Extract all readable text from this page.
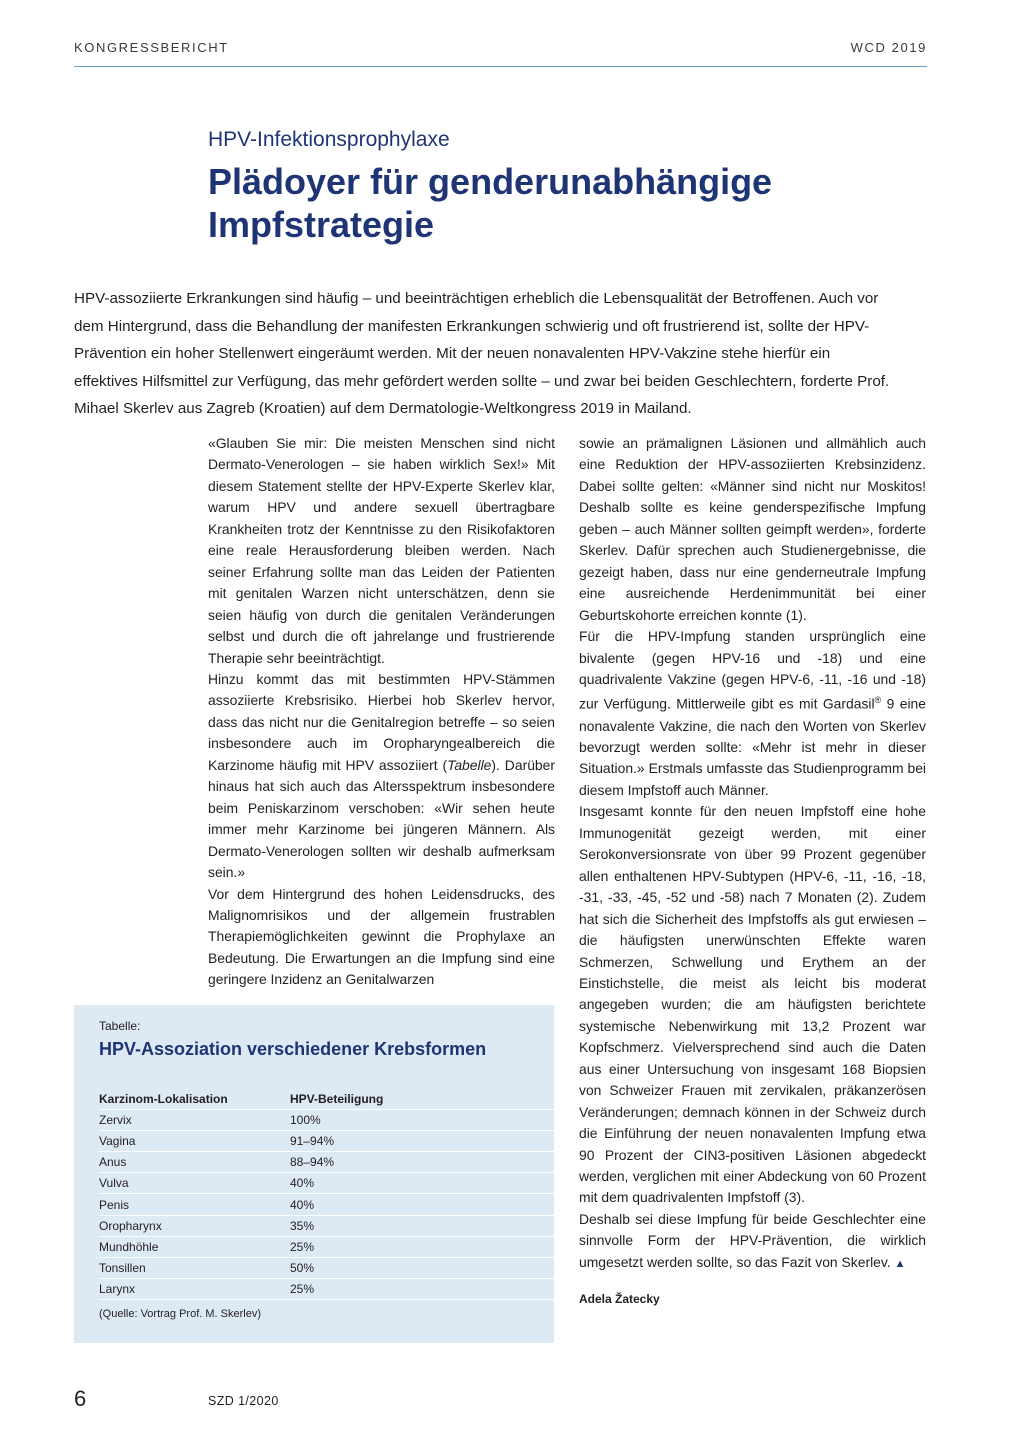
KONGRESSBERICHT	WCD 2019
HPV-Infektionsprophylaxe
Plädoyer für genderunabhängige Impfstrategie

HPV-assoziierte Erkrankungen sind häufig – und beeinträchtigen erheblich die Lebensqualität der Betroffenen. Auch vor dem Hintergrund, dass die Behandlung der manifesten Erkrankungen schwierig und oft frustrierend ist, sollte der HPV-Prävention ein hoher Stellenwert eingeräumt werden. Mit der neuen nonavalenten HPV-Vakzine stehe hierfür ein effektives Hilfsmittel zur Verfügung, das mehr gefördert werden sollte – und zwar bei beiden Geschlechtern, forderte Prof. Mihael Skerlev aus Zagreb (Kroatien) auf dem Dermatologie-Weltkongress 2019 in Mailand.

«Glauben Sie mir: Die meisten Menschen sind nicht Dermato-Venerologen – sie haben wirklich Sex!» Mit diesem Statement stellte der HPV-Experte Skerlev klar, warum HPV und andere sexuell übertragbare Krankheiten trotz der Kenntnisse zu den Risikofaktoren eine reale Herausforderung bleiben werden. Nach seiner Erfahrung sollte man das Leiden der Patienten mit genitalen Warzen nicht unterschätzen, denn sie seien häufig von durch die genitalen Veränderungen selbst und durch die oft jahrelange und frustrierende Therapie sehr beeinträchtigt.

Hinzu kommt das mit bestimmten HPV-Stämmen assoziierte Krebsrisiko. Hierbei hob Skerlev hervor, dass das nicht nur die Genitalregion betreffe – so seien insbesondere auch im Oropharyngealbereich die Karzinome häufig mit HPV assoziiert (Tabelle). Darüber hinaus hat sich auch das Altersspektrum insbesondere beim Peniskarzinom verschoben: «Wir sehen heute immer mehr Karzinome bei jüngeren Männern. Als Dermato-Venerologen sollten wir deshalb aufmerksam sein.»

Vor dem Hintergrund des hohen Leidensdrucks, des Malignomrisikos und der allgemein frustrablen Therapiemöglichkeiten gewinnt die Prophylaxe an Bedeutung. Die Erwartungen an die Impfung sind eine geringere Inzidenz an Genitalwarzen

sowie an prämalignen Läsionen und allmählich auch eine Reduktion der HPV-assoziierten Krebsinzidenz. Dabei sollte gelten: «Männer sind nicht nur Moskitos! Deshalb sollte es keine genderspezifische Impfung geben – auch Männer sollten geimpft werden», forderte Skerlev. Dafür sprechen auch Studienergebnisse, die gezeigt haben, dass nur eine genderneutrale Impfung eine ausreichende Herdenimmunität bei einer Geburtskohorte erreichen konnte (1).

Für die HPV-Impfung standen ursprünglich eine bivalente (gegen HPV-16 und -18) und eine quadrivalente Vakzine (gegen HPV-6, -11, -16 und -18) zur Verfügung. Mittlerweile gibt es mit Gardasil® 9 eine nonavalente Vakzine, die nach den Worten von Skerlev bevorzugt werden sollte: «Mehr ist mehr in dieser Situation.» Erstmals umfasste das Studienprogramm bei diesem Impfstoff auch Männer.

Insgesamt konnte für den neuen Impfstoff eine hohe Immunogenität gezeigt werden, mit einer Serokonversionsrate von über 99 Prozent gegenüber allen enthaltenen HPV-Subtypen (HPV-6, -11, -16, -18, -31, -33, -45, -52 und -58) nach 7 Monaten (2). Zudem hat sich die Sicherheit des Impfstoffs als gut erwiesen – die häufigsten unerwünschten Effekte waren Schmerzen, Schwellung und Erythem an der Einstichstelle, die meist als leicht bis moderat angegeben wurden; die am häufigsten berichtete systemische Nebenwirkung mit 13,2 Prozent war Kopfschmerz. Vielversprechend sind auch die Daten aus einer Untersuchung von insgesamt 168 Biopsien von Schweizer Frauen mit zervikalen, präkanzerösen Veränderungen; demnach können in der Schweiz durch die Einführung der neuen nonavalenten Impfung etwa 90 Prozent der CIN3-positiven Läsionen abgedeckt werden, verglichen mit einer Abdeckung von 60 Prozent mit dem quadrivalenten Impfstoff (3).

Deshalb sei diese Impfung für beide Geschlechter eine sinnvolle Form der HPV-Prävention, die wirklich umgesetzt werden sollte, so das Fazit von Skerlev. ▲

Adela Žatecky
Tabelle:
HPV-Assoziation verschiedener Krebsformen
Karzinom-Lokalisation	HPV-Beteiligung
Zervix	100%
Vagina	91–94%
Anus	88–94%
Vulva	40%
Penis	40%
Oropharynx	35%
Mundhöhle	25%
Tonsillen	50%
Larynx	25%
(Quelle: Vortrag Prof. M. Skerlev)
6	SZD 1/2020
